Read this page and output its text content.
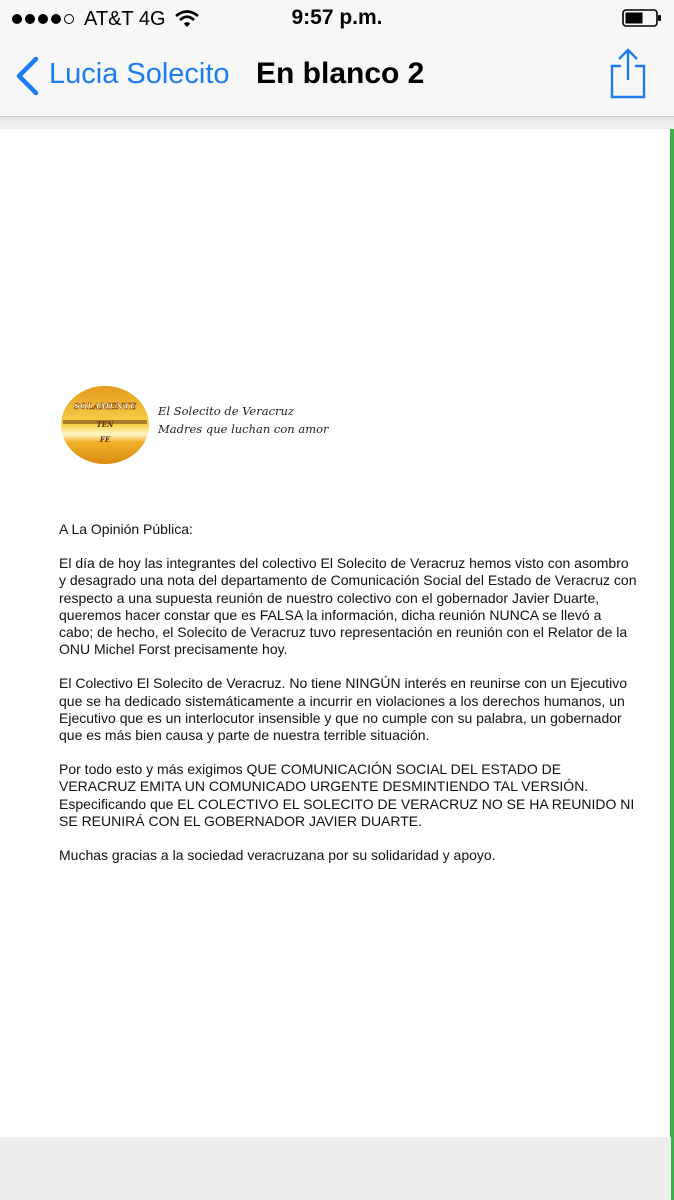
AT&T 4G	9:57 p.m.
Lucia Solecito En blanco 2
SOLAMENTE
TEN
FE
El Solecito de Veracruz
Madres que luchan con amor

A La Opinión Pública:

El día de hoy las integrantes del colectivo El Solecito de Veracruz hemos visto con asombro y desagrado una nota del departamento de Comunicación Social del Estado de Veracruz con respecto a una supuesta reunión de nuestro colectivo con el gobernador Javier Duarte, queremos hacer constar que es FALSA la información, dicha reunión NUNCA se llevó a cabo; de hecho, el Solecito de Veracruz tuvo representación en reunión con el Relator de la ONU Michel Forst precisamente hoy.

El Colectivo El Solecito de Veracruz. No tiene NINGÚN interés en reunirse con un Ejecutivo que se ha dedicado sistemáticamente a incurrir en violaciones a los derechos humanos, un Ejecutivo que es un interlocutor insensible y que no cumple con su palabra, un gobernador que es más bien causa y parte de nuestra terrible situación.

Por todo esto y más exigimos QUE COMUNICACIÓN SOCIAL DEL ESTADO DE VERACRUZ EMITA UN COMUNICADO URGENTE DESMINTIENDO TAL VERSIÓN. Especificando que EL COLECTIVO EL SOLECITO DE VERACRUZ NO SE HA REUNIDO NI SE REUNIRÁ CON EL GOBERNADOR JAVIER DUARTE.

Muchas gracias a la sociedad veracruzana por su solidaridad y apoyo.
